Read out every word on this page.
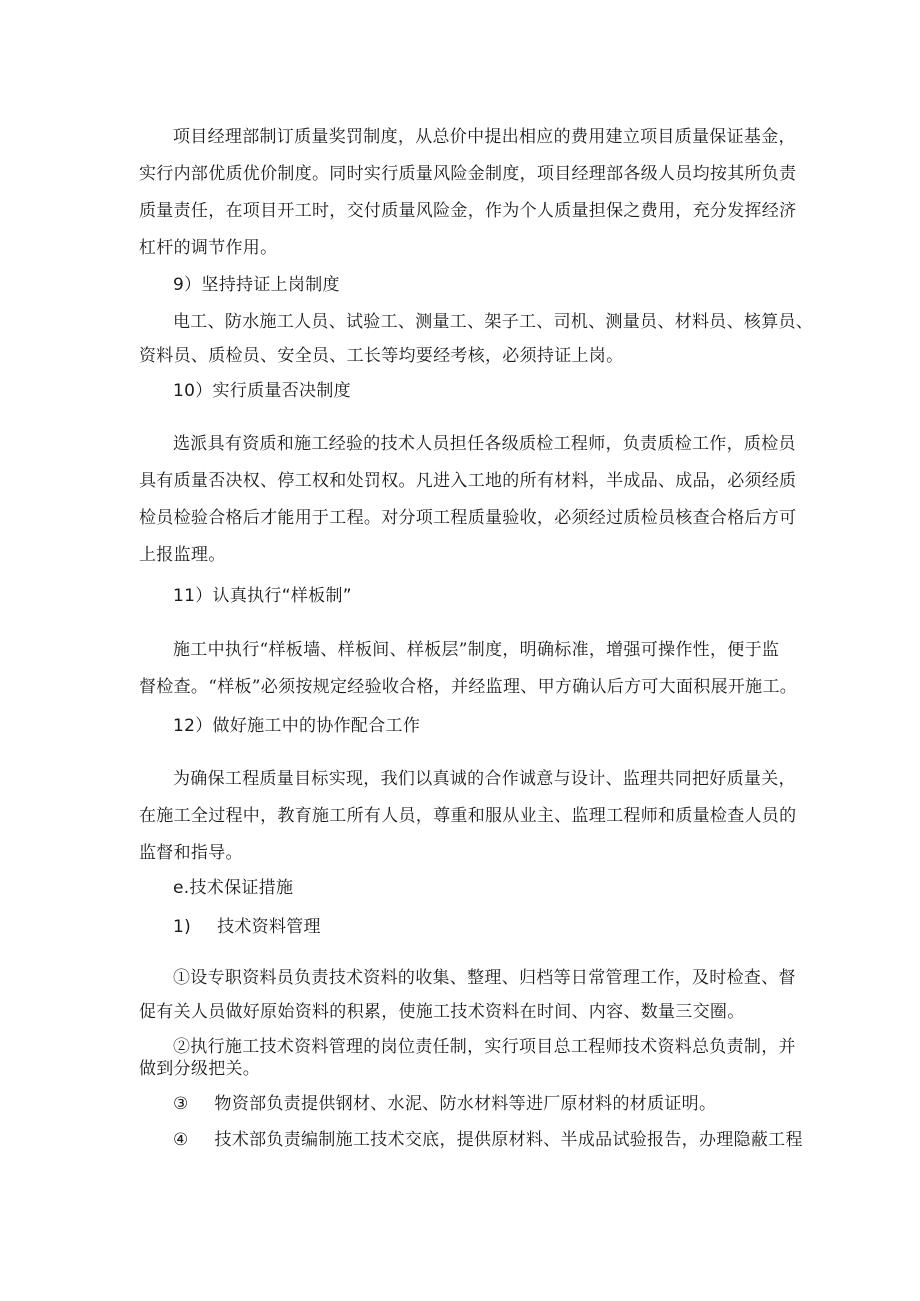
项目经理部制订质量奖罚制度，从总价中提出相应的费用建立项目质量保证基金，
实行内部优质优价制度。同时实行质量风险金制度，项目经理部各级人员均按其所负责
质量责任，在项目开工时，交付质量风险金，作为个人质量担保之费用，充分发挥经济
杠杆的调节作用。
9）坚持持证上岗制度
电工、防水施工人员、试验工、测量工、架子工、司机、测量员、材料员、核算员、
资料员、质检员、安全员、工长等均要经考核，必须持证上岗。
10）实行质量否决制度
选派具有资质和施工经验的技术人员担任各级质检工程师，负责质检工作，质检员
具有质量否决权、停工权和处罚权。凡进入工地的所有材料，半成品、成品，必须经质
检员检验合格后才能用于工程。对分项工程质量验收，必须经过质检员核查合格后方可
上报监理。
11）认真执行“样板制”
施工中执行“样板墙、样板间、样板层”制度，明确标准，增强可操作性，便于监
督检查。“样板”必须按规定经验收合格，并经监理、甲方确认后方可大面积展开施工。
12）做好施工中的协作配合工作
为确保工程质量目标实现，我们以真诚的合作诚意与设计、监理共同把好质量关，
在施工全过程中，教育施工所有人员，尊重和服从业主、监理工程师和质量检查人员的
监督和指导。
e.技术保证措施
1) 技术资料管理
①设专职资料员负责技术资料的收集、整理、归档等日常管理工作，及时检查、督
促有关人员做好原始资料的积累，使施工技术资料在时间、内容、数量三交圈。
②执行施工技术资料管理的岗位责任制，实行项目总工程师技术资料总负责制，并
做到分级把关。
③ 物资部负责提供钢材、水泥、防水材料等进厂原材料的材质证明。
④ 技术部负责编制施工技术交底，提供原材料、半成品试验报告，办理隐蔽工程
